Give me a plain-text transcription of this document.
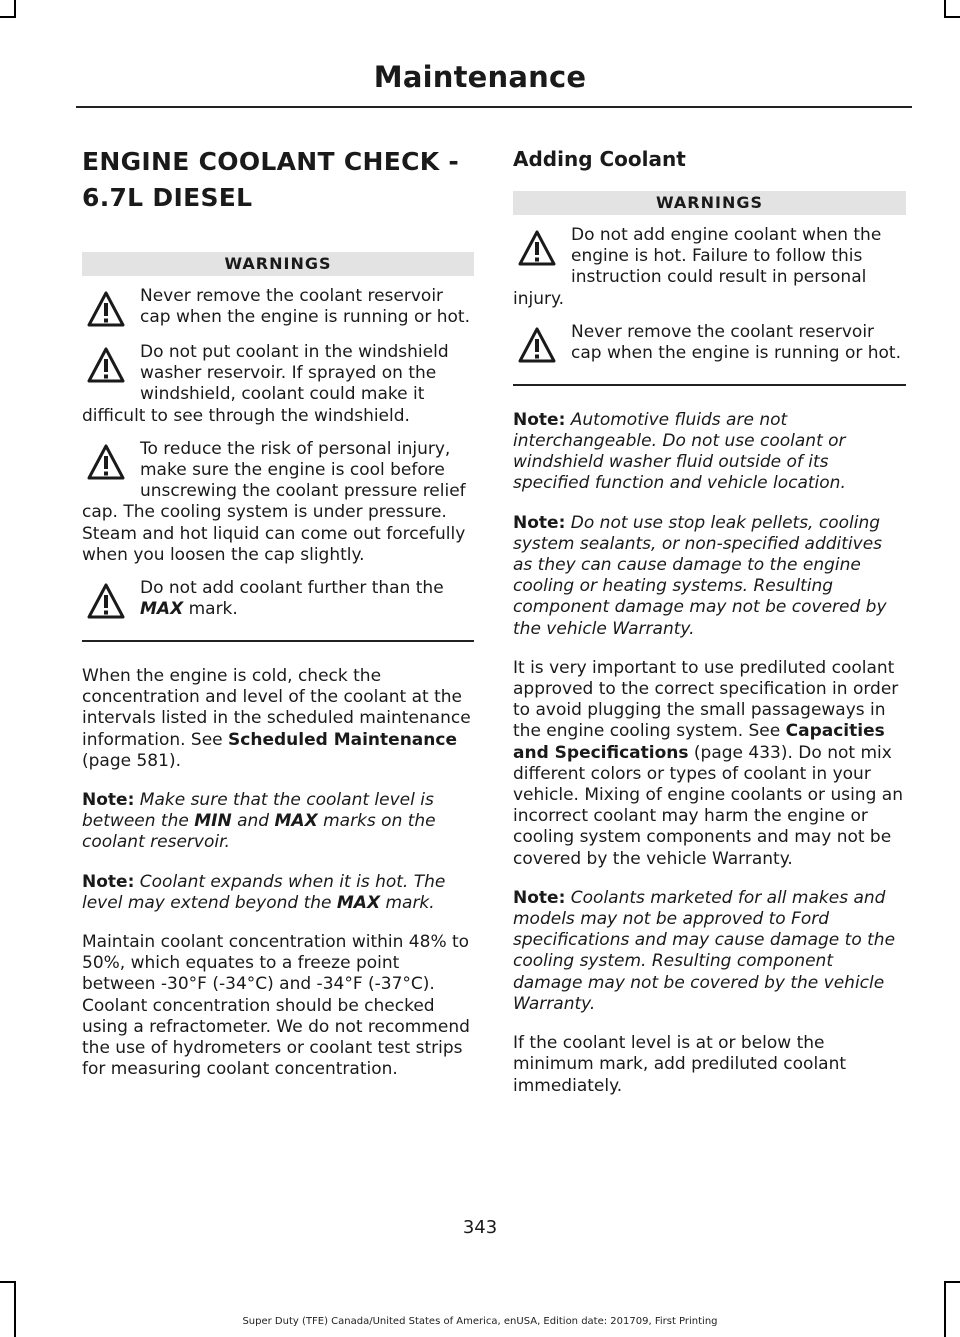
Maintenance
ENGINE COOLANT CHECK -
6.7L DIESEL
WARNINGS
Never remove the coolant reservoir cap when the engine is running or hot.
Do not put coolant in the windshield washer reservoir. If sprayed on the windshield, coolant could make it difficult to see through the windshield.
To reduce the risk of personal injury, make sure the engine is cool before unscrewing the coolant pressure relief cap. The cooling system is under pressure. Steam and hot liquid can come out forcefully when you loosen the cap slightly.
Do not add coolant further than the MAX mark.

When the engine is cold, check the concentration and level of the coolant at the intervals listed in the scheduled maintenance information. See Scheduled Maintenance (page 581).

Note: Make sure that the coolant level is between the MIN and MAX marks on the coolant reservoir.

Note: Coolant expands when it is hot. The level may extend beyond the MAX mark.

Maintain coolant concentration within 48% to 50%, which equates to a freeze point between -30°F (-34°C) and -34°F (-37°C). Coolant concentration should be checked using a refractometer. We do not recommend the use of hydrometers or coolant test strips for measuring coolant concentration.

Adding Coolant
WARNINGS
Do not add engine coolant when the engine is hot. Failure to follow this instruction could result in personal injury.
Never remove the coolant reservoir cap when the engine is running or hot.

Note: Automotive fluids are not interchangeable. Do not use coolant or windshield washer fluid outside of its specified function and vehicle location.

Note: Do not use stop leak pellets, cooling system sealants, or non-specified additives as they can cause damage to the engine cooling or heating systems. Resulting component damage may not be covered by the vehicle Warranty.

It is very important to use prediluted coolant approved to the correct specification in order to avoid plugging the small passageways in the engine cooling system. See Capacities and Specifications (page 433). Do not mix different colors or types of coolant in your vehicle. Mixing of engine coolants or using an incorrect coolant may harm the engine or cooling system components and may not be covered by the vehicle Warranty.

Note: Coolants marketed for all makes and models may not be approved to Ford specifications and may cause damage to the cooling system. Resulting component damage may not be covered by the vehicle Warranty.

If the coolant level is at or below the minimum mark, add prediluted coolant immediately.

343
Super Duty (TFE) Canada/United States of America, enUSA, Edition date: 201709, First Printing
